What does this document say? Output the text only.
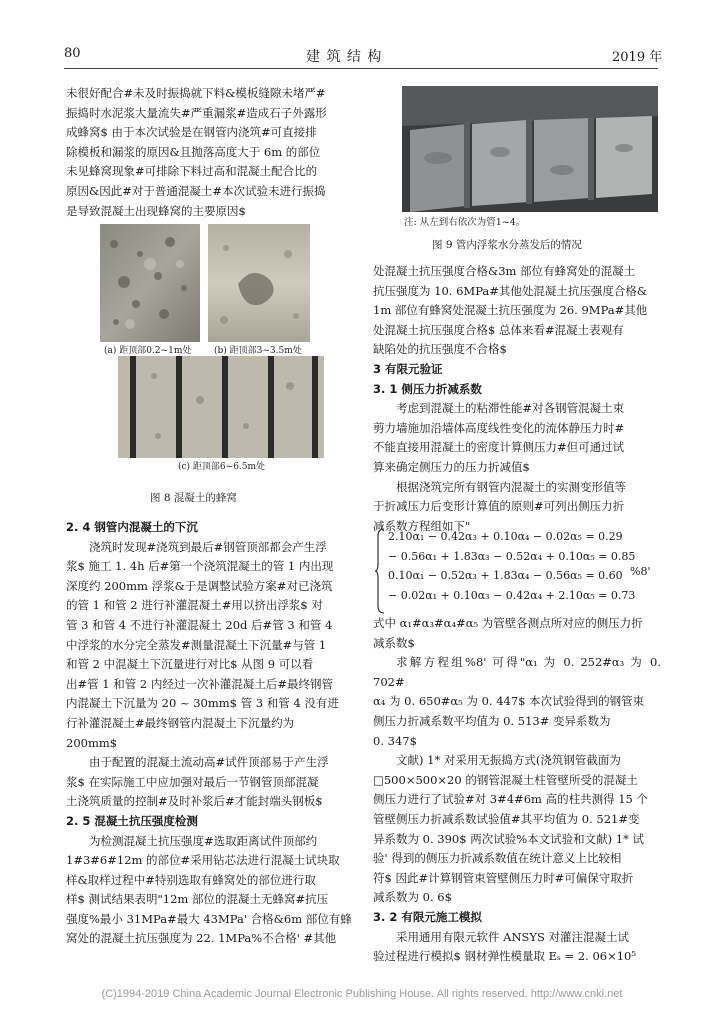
80	建 筑 结 构	2019 年

未很好配合#未及时振捣就下料&模板缝隙未堵严#

振捣时水泥浆大量流失#严重漏浆#造成石子外露形

成蜂窝$ 由于本次试验是在钢管内浇筑#可直接排

除模板和漏浆的原因&且抛落高度大于 6m 的部位

未见蜂窝现象#可排除下料过高和混凝土配合比的

原因&因此#对于普通混凝土#本次试验未进行振捣

是导致混凝土出现蜂窝的主要原因$

(a) 距顶部0.2~1m处	(b) 距顶部3~3.5m处
(c) 距顶部6~6.5m处
图 8 混凝土的蜂窝
2. 4 钢管内混凝土的下沉

浇筑时发现#浇筑到最后#钢管顶部都会产生浮

浆$ 施工 1. 4h 后#第一个浇筑混凝土的管 1 内出现

深度约 200mm 浮浆&于是调整试验方案#对已浇筑

的管 1 和管 2 进行补灌混凝土#用以挤出浮浆$ 对

管 3 和管 4 不进行补灌混凝土 20d 后#管 3 和管 4

中浮浆的水分完全蒸发#测量混凝土下沉量#与管 1

和管 2 中混凝土下沉量进行对比$ 从图 9 可以看

出#管 1 和管 2 内经过一次补灌混凝土后#最终钢管

内混凝土下沉量为 20 ~ 30mm$ 管 3 和管 4 没有进

行补灌混凝土#最终钢管内混凝土下沉量约为

200mm$

由于配置的混凝土流动高#试件顶部易于产生浮

浆$ 在实际施工中应加强对最后一节钢管顶部混凝

土浇筑质量的控制#及时补浆后#才能封端头钢板$

2. 5 混凝土抗压强度检测

为检测混凝土抗压强度#选取距离试件顶部约

1#3#6#12m 的部位#采用钻芯法进行混凝土试块取

样&取样过程中#特别选取有蜂窝处的部位进行取

样$ 测试结果表明"12m 部位的混凝土无蜂窝#抗压

强度%最小 31MPa#最大 43MPa' 合格&6m 部位有蜂

窝处的混凝土抗压强度为 22. 1MPa%不合格' #其他

注: 从左到右依次为管1~4。
图 9 管内浮浆水分蒸发后的情况

处混凝土抗压强度合格&3m 部位有蜂窝处的混凝土

抗压强度为 10. 6MPa#其他处混凝土抗压强度合格&

1m 部位有蜂窝处混凝土抗压强度为 26. 9MPa#其他

处混凝土抗压强度合格$ 总体来看#混凝土表观有

缺陷处的抗压强度不合格$

3 有限元验证
3. 1 侧压力折减系数

考虑到混凝土的粘滞性能#对各钢管混凝土束

剪力墙施加沿墙体高度线性变化的流体静压力时#

不能直接用混凝土的密度计算侧压力#但可通过试

算来确定侧压力的压力折减值$

根据浇筑完所有钢管内混凝土的实测变形值等

于折减压力后变形计算值的原则#可列出侧压力折

减系数方程组如下"

2.10α₁ − 0.42α₃ + 0.10α₄ − 0.02α₅ = 0.29
− 0.56α₁ + 1.83α₃ − 0.52α₄ + 0.10α₅ = 0.85
0.10α₁ − 0.52α₃ + 1.83α₄ − 0.56α₅ = 0.60
− 0.02α₁ + 0.10α₃ − 0.42α₄ + 2.10α₅ = 0.73
%8'

式中 α₁#α₃#α₄#α₅ 为管壁各测点所对应的侧压力折

减系数$

求解方程组%8' 可得"α₁ 为 0. 252#α₃ 为 0. 702#

α₄ 为 0. 650#α₅ 为 0. 447$ 本次试验得到的钢管束

侧压力折减系数平均值为 0. 513# 变异系数为

0. 347$

文献) 1* 对采用无振捣方式(浇筑钢管截面为

□500×500×20 的钢管混凝土柱管壁所受的混凝土

侧压力进行了试验#对 3#4#6m 高的柱共测得 15 个

管壁侧压力折减系数试验值#其平均值为 0. 521#变

异系数为 0. 390$ 两次试验%本文试验和文献) 1* 试

验' 得到的侧压力折减系数值在统计意义上比较相

符$ 因此#计算钢管束管壁侧压力时#可偏保守取折

减系数为 0. 6$

3. 2 有限元施工模拟

采用通用有限元软件 ANSYS 对灌注混凝土试

验过程进行模拟$ 钢材弹性模量取 Eₛ = 2. 06×10⁵

(C)1994-2019 China Academic Journal Electronic Publishing House. All rights reserved. http://www.cnki.net
